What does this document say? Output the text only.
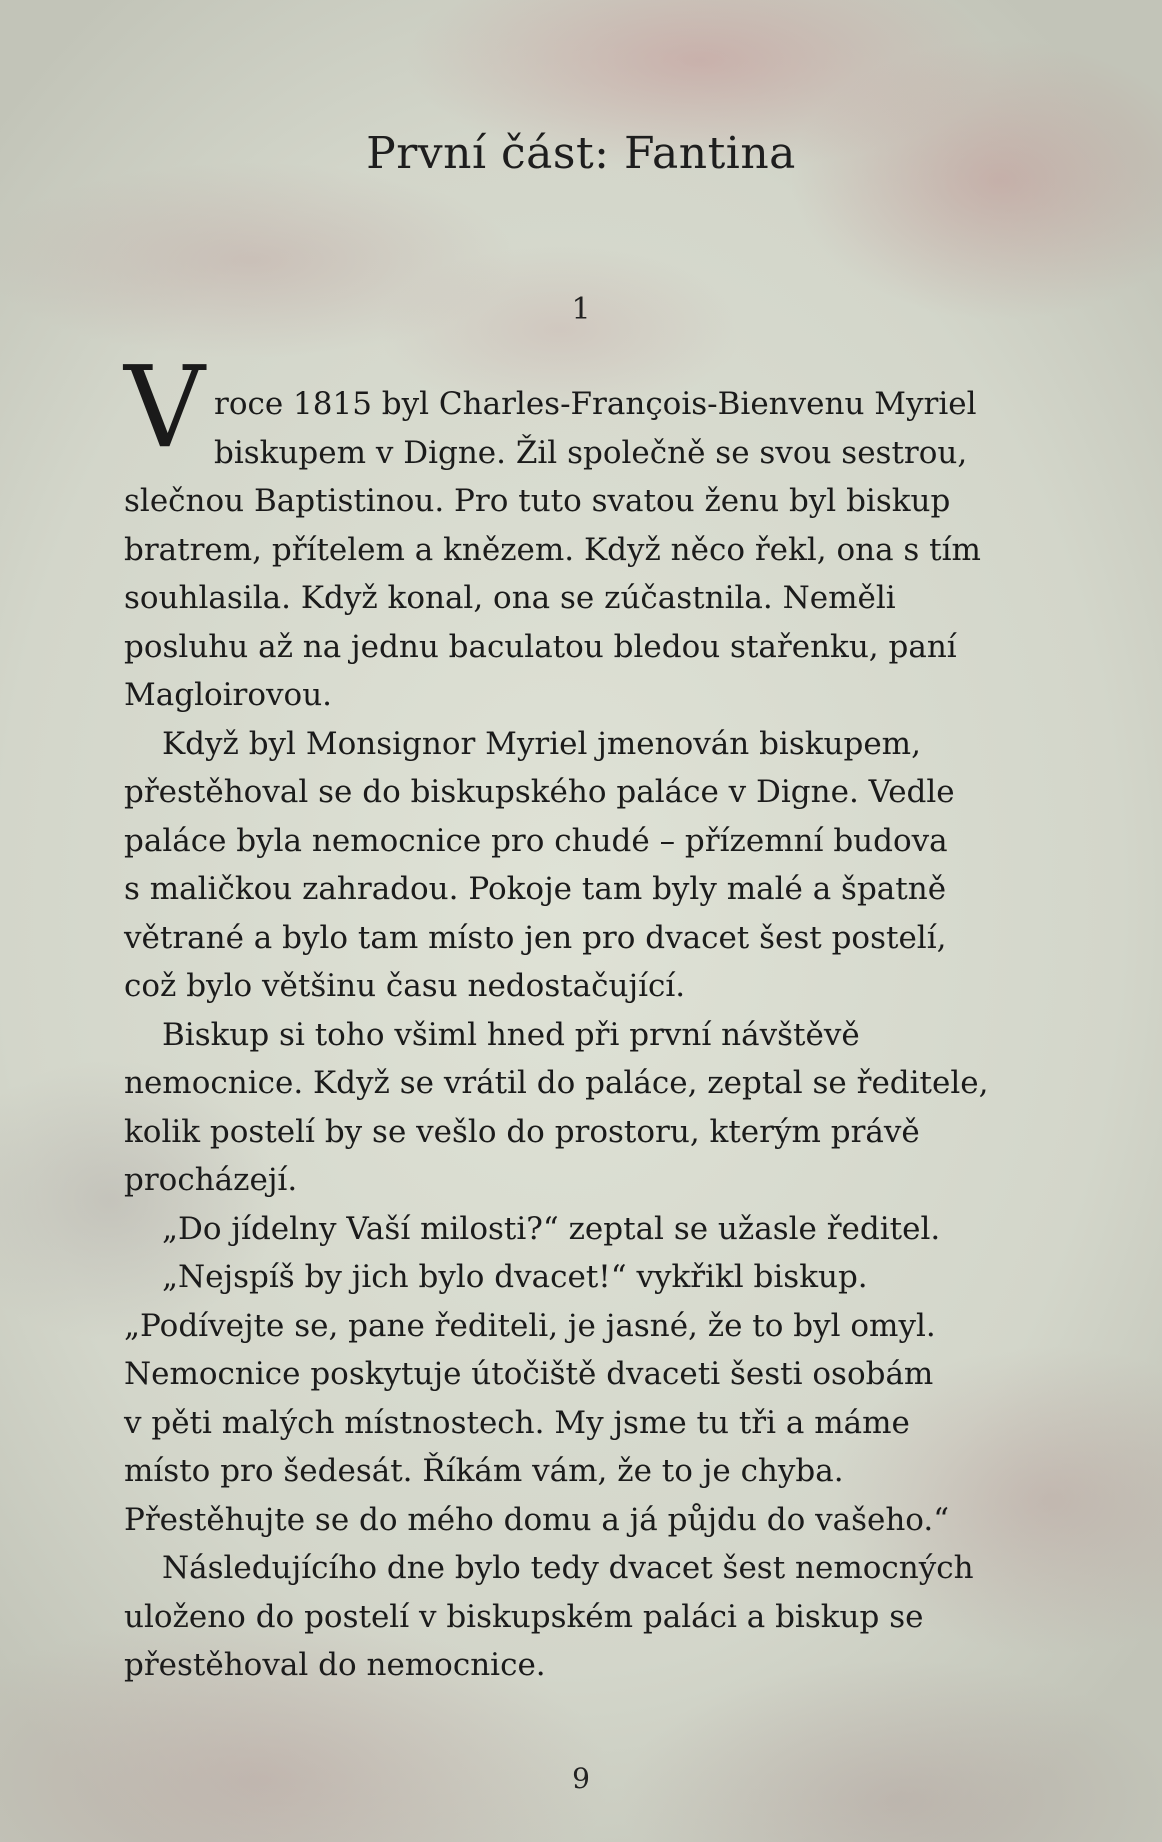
První část: Fantina
1
V roce 1815 byl Charles-François-Bienvenu Myriel
biskupem v Digne. Žil společně se svou sestrou,
slečnou Baptistinou. Pro tuto svatou ženu byl biskup
bratrem, přítelem a knězem. Když něco řekl, ona s tím
souhlasila. Když konal, ona se zúčastnila. Neměli
posluhu až na jednu baculatou bledou stařenku, paní
Magloirovou.
Když byl Monsignor Myriel jmenován biskupem,
přestěhoval se do biskupského paláce v Digne. Vedle
paláce byla nemocnice pro chudé – přízemní budova
s maličkou zahradou. Pokoje tam byly malé a špatně
větrané a bylo tam místo jen pro dvacet šest postelí,
což bylo většinu času nedostačující.
Biskup si toho všiml hned při první návštěvě
nemocnice. Když se vrátil do paláce, zeptal se ředitele,
kolik postelí by se vešlo do prostoru, kterým právě
procházejí.
„Do jídelny Vaší milosti?“ zeptal se užasle ředitel.
„Nejspíš by jich bylo dvacet!“ vykřikl biskup.
„Podívejte se, pane řediteli, je jasné, že to byl omyl.
Nemocnice poskytuje útočiště dvaceti šesti osobám
v pěti malých místnostech. My jsme tu tři a máme
místo pro šedesát. Říkám vám, že to je chyba.
Přestěhujte se do mého domu a já půjdu do vašeho.“
Následujícího dne bylo tedy dvacet šest nemocných
uloženo do postelí v biskupském paláci a biskup se
přestěhoval do nemocnice.
9
